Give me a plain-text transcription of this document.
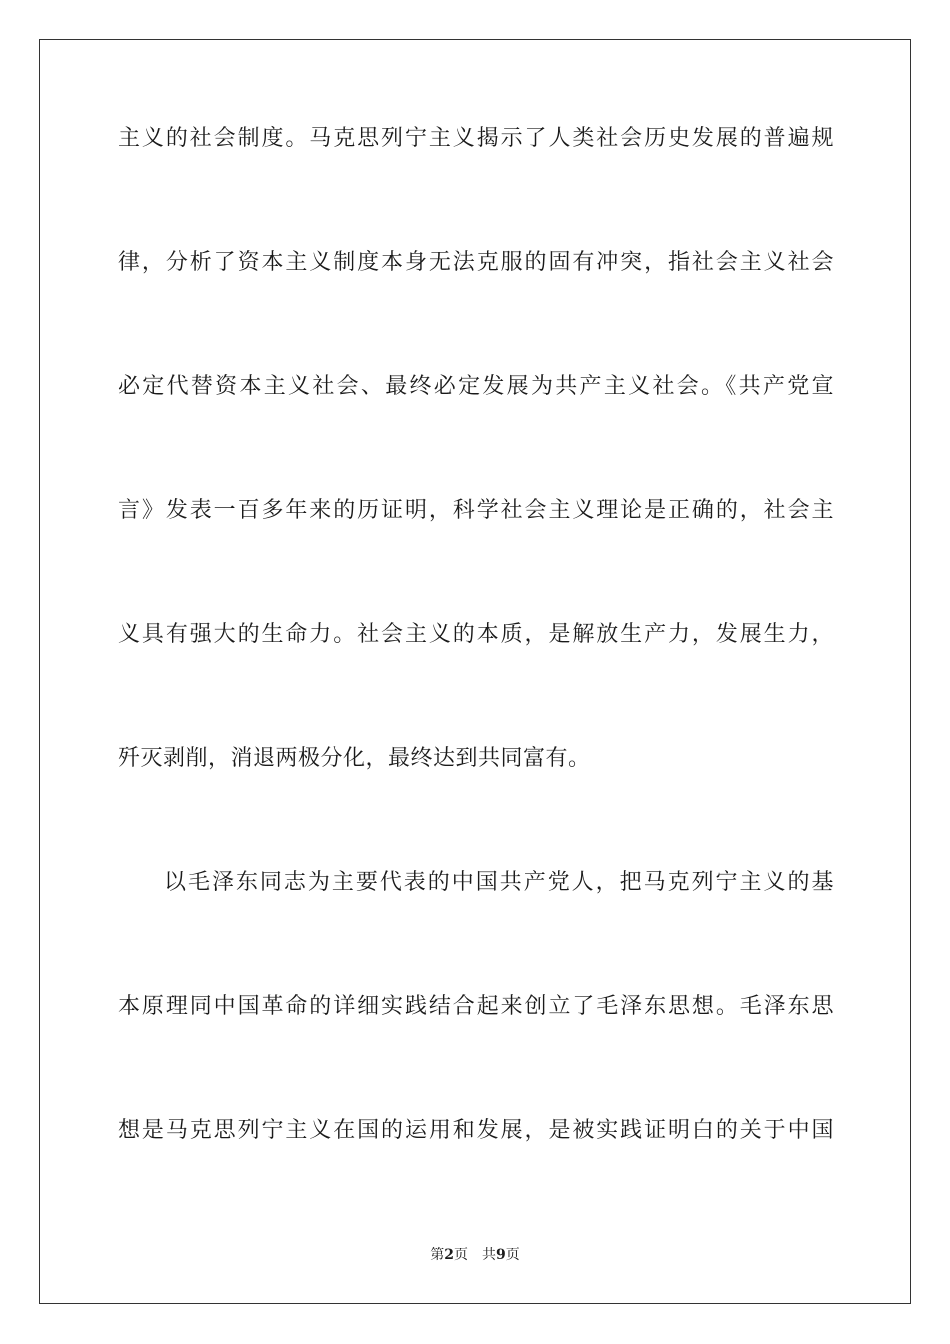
主义的社会制度。马克思列宁主义揭示了人类社会历史发展的普遍规
律，分析了资本主义制度本身无法克服的固有冲突，指社会主义社会
必定代替资本主义社会、最终必定发展为共产主义社会。《共产党宣
言》发表一百多年来的历证明，科学社会主义理论是正确的，社会主
义具有强大的生命力。社会主义的本质，是解放生产力，发展生力，
歼灭剥削，消退两极分化，最终达到共同富有。
以毛泽东同志为主要代表的中国共产党人，把马克列宁主义的基
本原理同中国革命的详细实践结合起来创立了毛泽东思想。毛泽东思
想是马克思列宁主义在国的运用和发展，是被实践证明白的关于中国
第2页 共9页
